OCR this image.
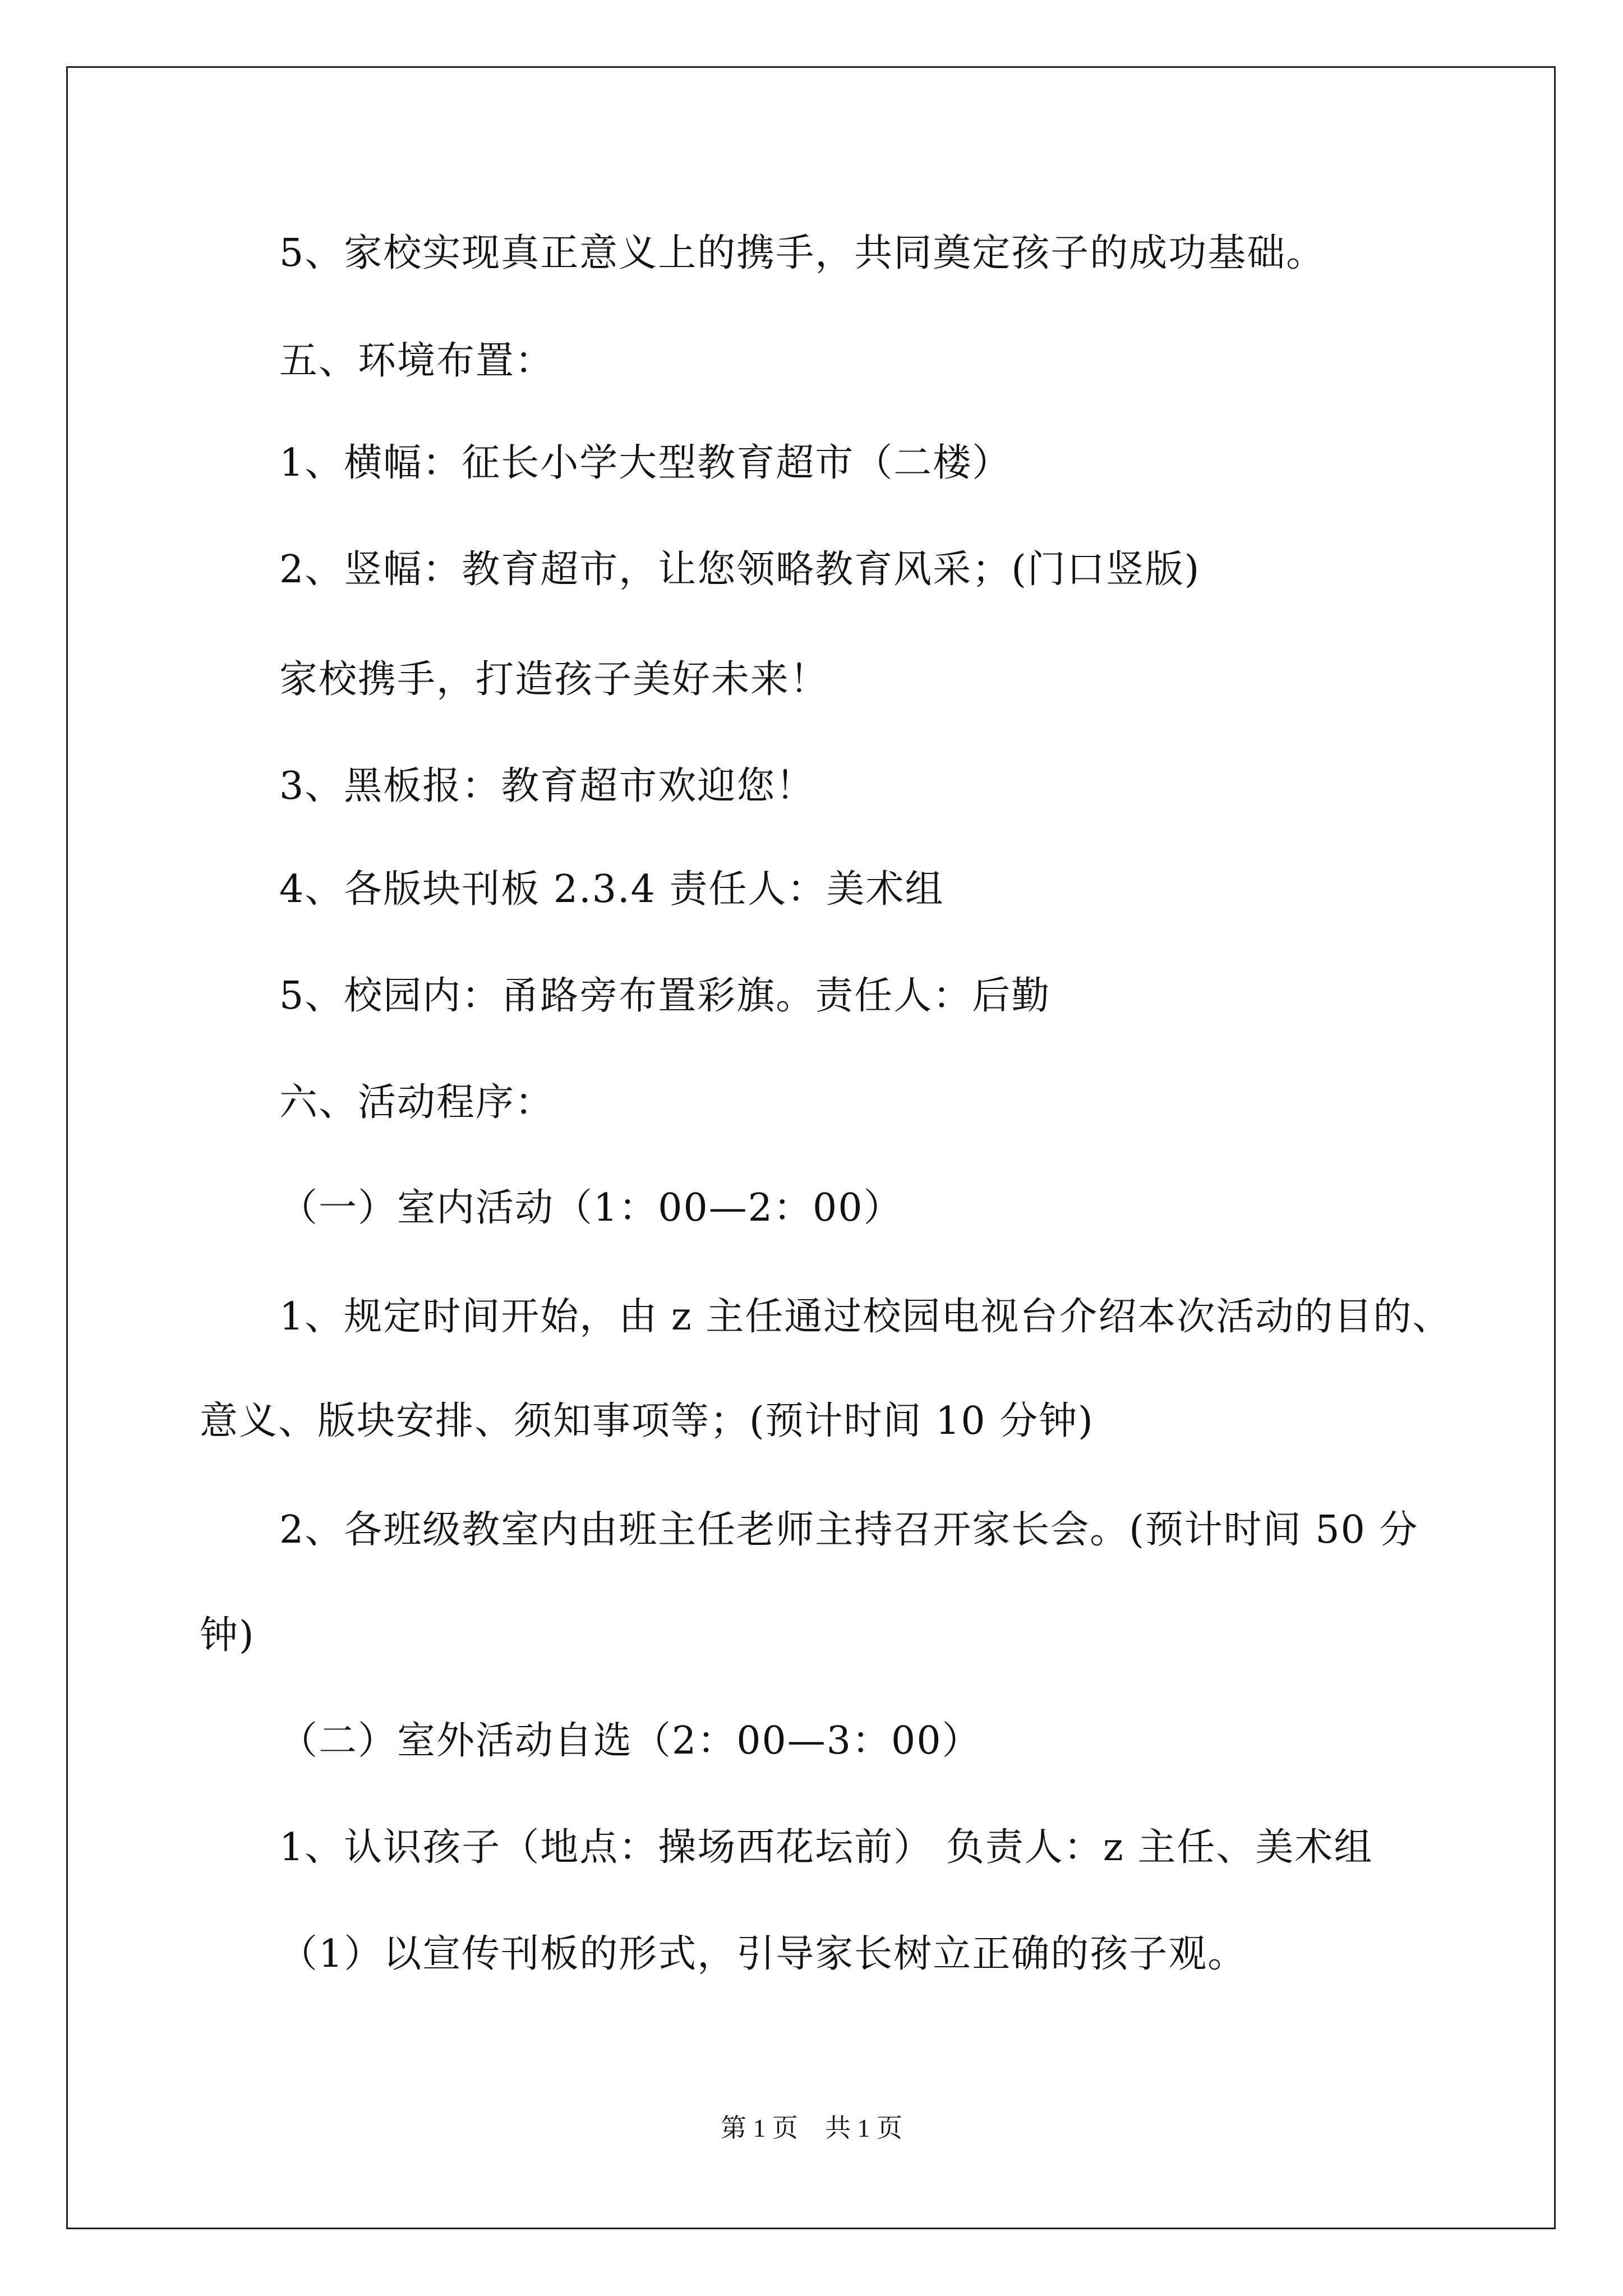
5、家校实现真正意义上的携手，共同奠定孩子的成功基础。
五、环境布置：
1、横幅：征长小学大型教育超市（二楼）
2、竖幅：教育超市，让您领略教育风采；(门口竖版)
家校携手，打造孩子美好未来！
3、黑板报：教育超市欢迎您！
4、各版块刊板 2.3.4 责任人：美术组
5、校园内：甬路旁布置彩旗。责任人：后勤
六、活动程序：
（一）室内活动（1：00—2：00）
1、规定时间开始，由 z 主任通过校园电视台介绍本次活动的目的、
意义、版块安排、须知事项等；(预计时间 10 分钟)
2、各班级教室内由班主任老师主持召开家长会。(预计时间 50 分
钟)
（二）室外活动自选（2：00—3：00）
1、认识孩子（地点：操场西花坛前） 负责人：z 主任、美术组
（1）以宣传刊板的形式，引导家长树立正确的孩子观。
第 1 页 共 1 页
